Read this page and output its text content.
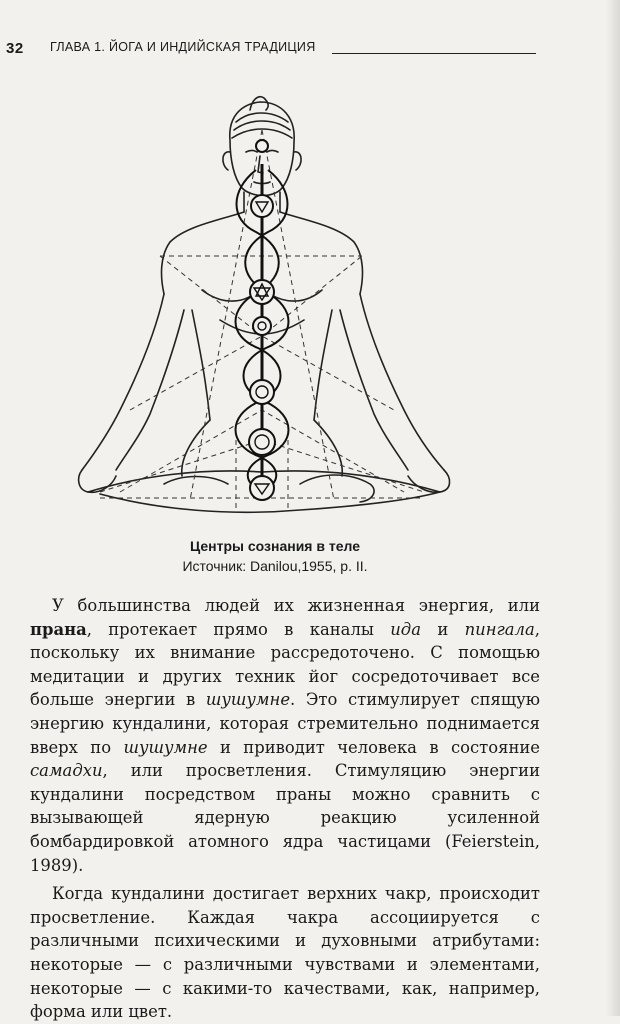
32 ГЛАВА 1. ЙОГА И ИНДИЙСКАЯ ТРАДИЦИЯ
Центры сознания в теле
Источник: Danilou,1955, p. II.

У большинства людей их жизненная энергия, или прана, протекает прямо в каналы ида и пингала, поскольку их внимание рассредоточено. С помощью медитации и других техник йог сосредоточивает все больше энергии в шушумне. Это стимулирует спящую энергию кундалини, которая стремительно поднимается вверх по шушумне и приводит человека в состояние самадхи, или просветления. Стимуляцию энергии кундалини посредством праны можно сравнить с вызывающей ядерную реакцию усиленной бомбардировкой атомного ядра частицами (Feierstein, 1989).

Когда кундалини достигает верхних чакр, происходит просветление. Каждая чакра ассоциируется с различными психическими и духовными атрибутами: некоторые — с различными чувствами и элементами, некоторые — с какими-то качествами, как, например, форма или цвет.
